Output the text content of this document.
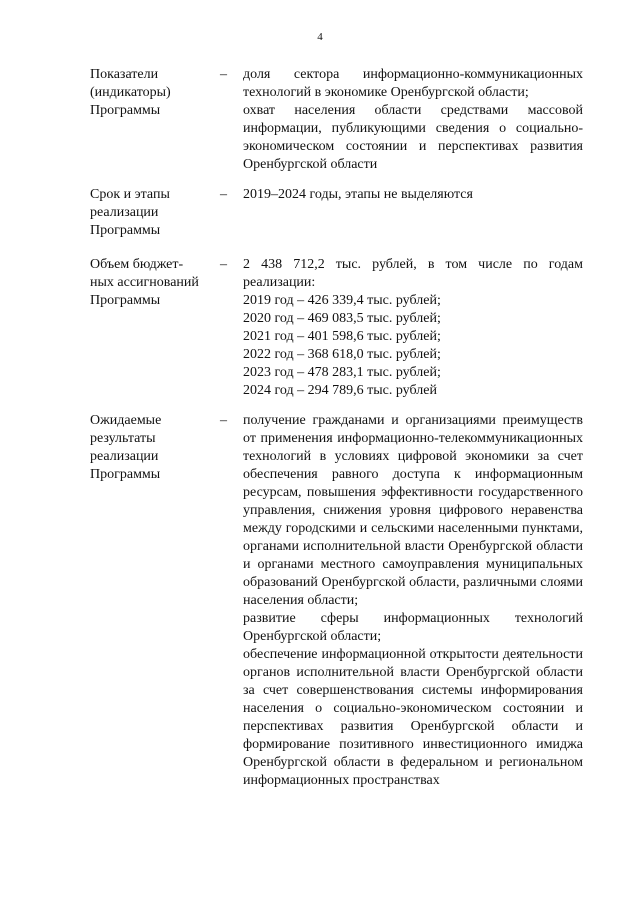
4
Показатели
(индикаторы)
Программы
– доля сектора информационно-коммуникационных технологий в экономике Оренбургской области;
охват населения области средствами массовой информации, публикующими сведения о социально-экономическом состоянии и перспективах развития Оренбургской области
Срок и этапы
реализации
Программы
– 2019–2024 годы, этапы не выделяются
Объем бюджет-
ных ассигнований
Программы
– 2 438 712,2 тыс. рублей, в том числе по годам реализации:
2019 год – 426 339,4 тыс. рублей;
2020 год – 469 083,5 тыс. рублей;
2021 год – 401 598,6 тыс. рублей;
2022 год – 368 618,0 тыс. рублей;
2023 год – 478 283,1 тыс. рублей;
2024 год – 294 789,6 тыс. рублей
Ожидаемые
результаты
реализации
Программы
– получение гражданами и организациями преимуществ от применения информационно-телекоммуникационных технологий в условиях цифровой экономики за счет обеспечения равного доступа к информационным ресурсам, повышения эффективности государственного управления, снижения уровня цифрового неравенства между городскими и сельскими населенными пунктами, органами исполнительной власти Оренбургской области и органами местного самоуправления муниципальных образований Оренбургской области, различными слоями населения области;
развитие сферы информационных технологий Оренбургской области;
обеспечение информационной открытости деятельности органов исполнительной власти Оренбургской области за счет совершенствования системы информирования населения о социально-экономическом состоянии и перспективах развития Оренбургской области и формирование позитивного инвестиционного имиджа Оренбургской области в федеральном и региональном информационных пространствах
